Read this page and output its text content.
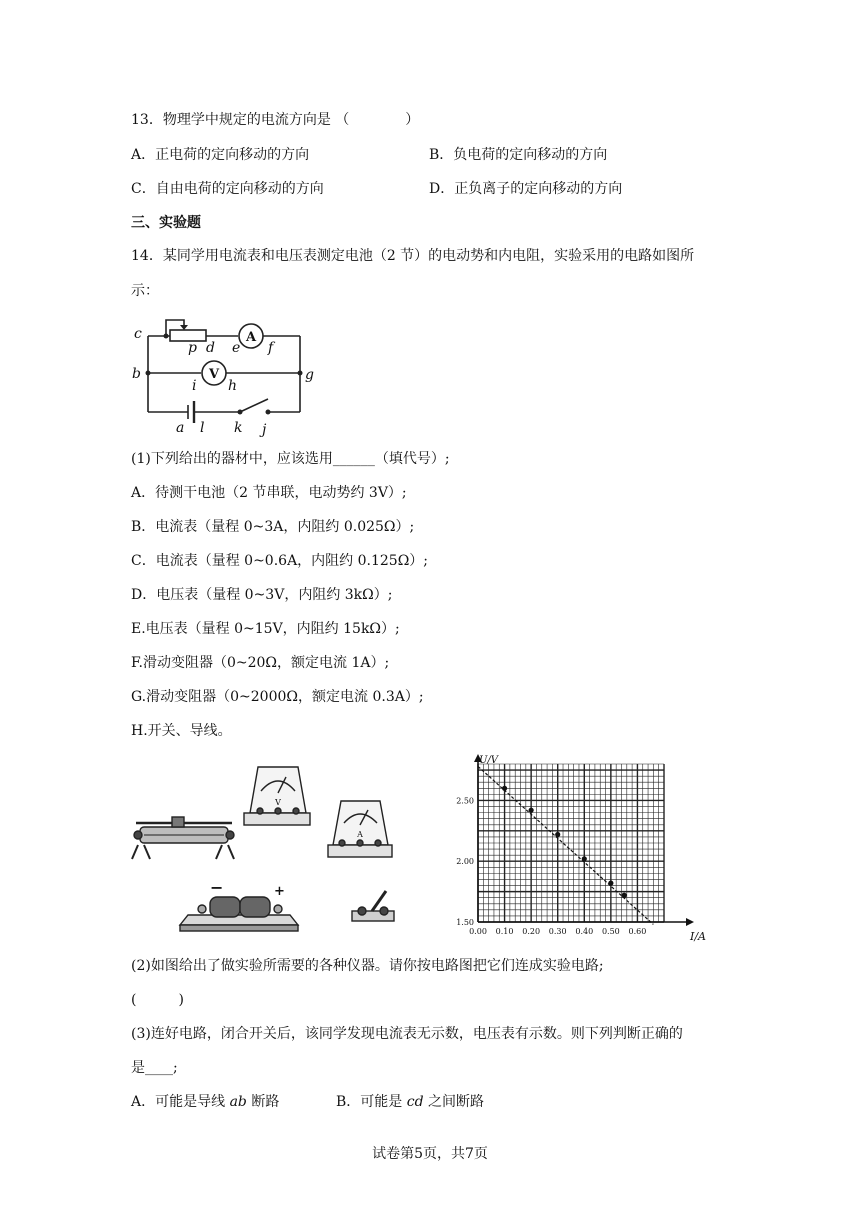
13．物理学中规定的电流方向是 （　　　　）
A．正电荷的定向移动的方向	B．负电荷的定向移动的方向
C．自由电荷的定向移动的方向	D．正负离子的定向移动的方向
三、实验题
14．某同学用电流表和电压表测定电池（2 节）的电动势和内电阻，实验采用的电路如图所
示：
c
b
a l k j
p d e f
i h
g
A
V
(1)下列给出的器材中，应该选用______（填代号）;
A．待测干电池（2 节串联，电动势约 3V）;
B．电流表（量程 0~3A，内阻约 0.025Ω）;
C．电流表（量程 0~0.6A，内阻约 0.125Ω）;
D．电压表（量程 0~3V，内阻约 3kΩ）;
E.电压表（量程 0~15V，内阻约 15kΩ）;
F.滑动变阻器（0~20Ω，额定电流 1A）;
G.滑动变阻器（0~2000Ω，额定电流 0.3A）;
H.开关、导线。
V
A
−	+
0.00 0.10 0.20 0.30 0.40 0.50 0.60
1.50
2.00
2.50
U/V
I/A
(2)如图给出了做实验所需要的各种仪器。请你按电路图把它们连成实验电路;
(　　　)
(3)连好电路，闭合开关后，该同学发现电流表无示数，电压表有示数。则下列判断正确的
是____;
A．可能是导线 ab 断路	B．可能是 cd 之间断路
试卷第5页，共7页
